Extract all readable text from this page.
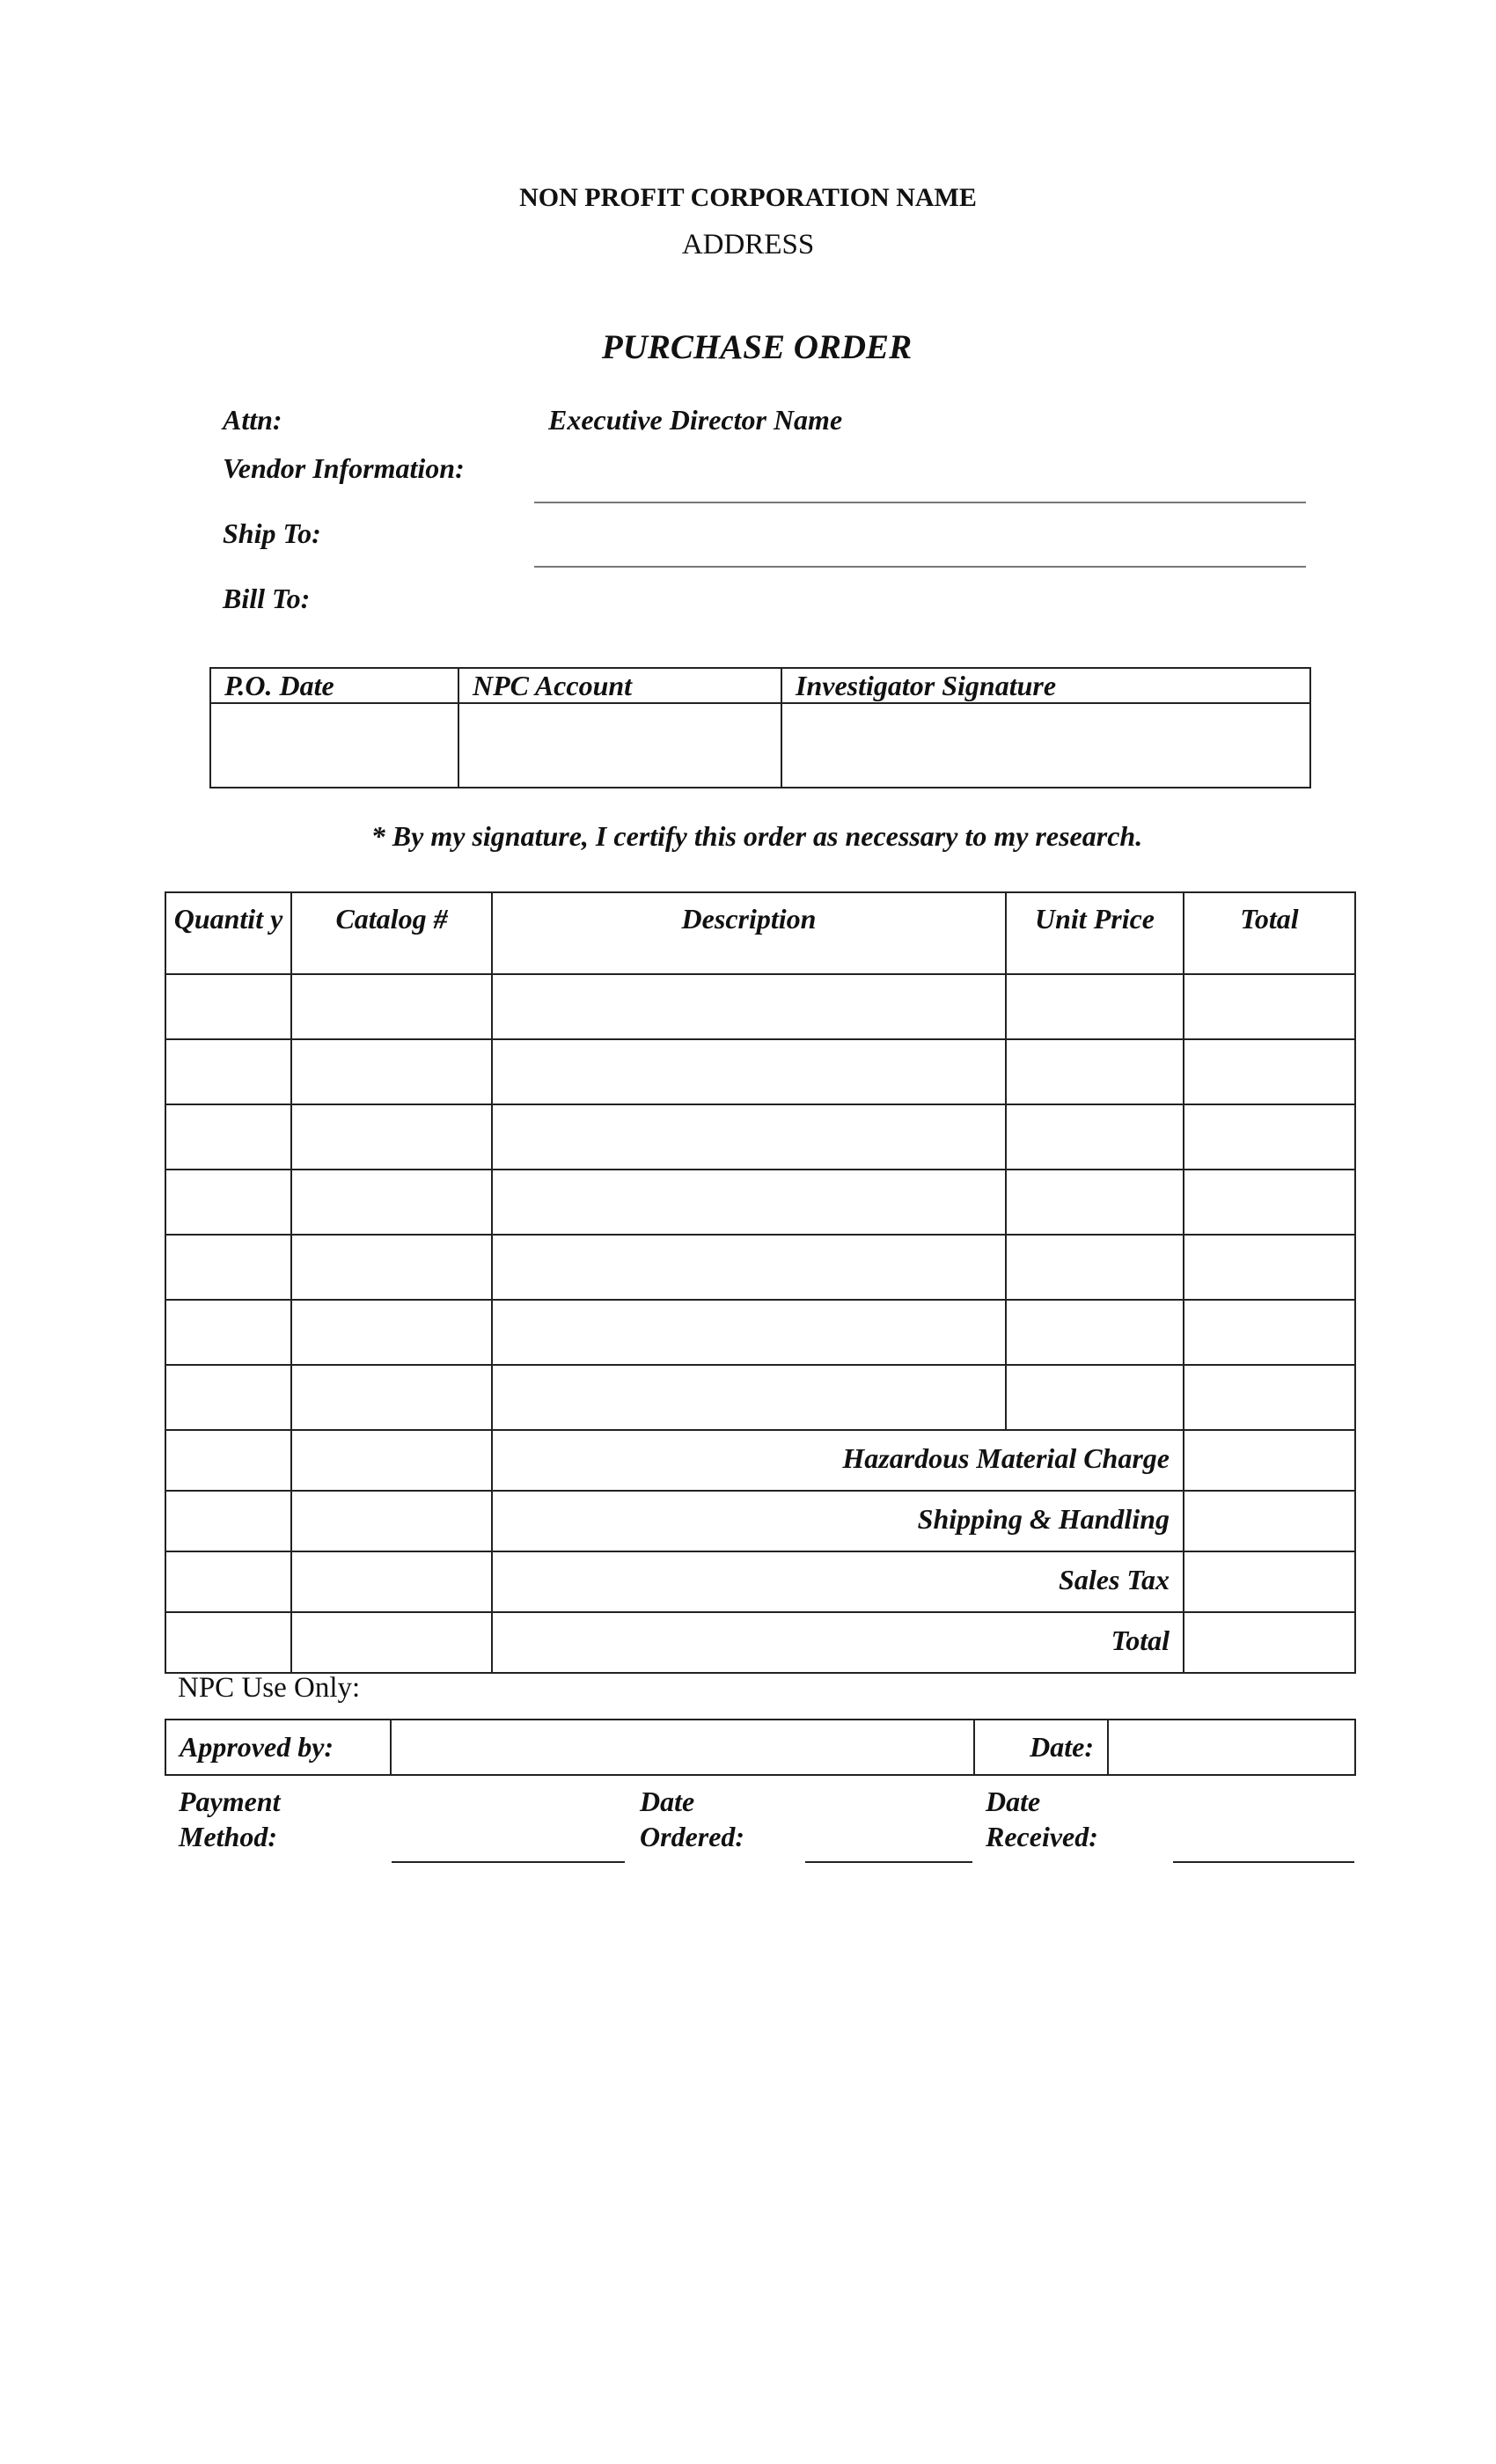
NON PROFIT CORPORATION NAME
ADDRESS
PURCHASE ORDER
Attn:	Executive Director Name
Vendor Information:
Ship To:
Bill To:
P.O. Date	NPC Account	Investigator Signature

* By my signature, I certify this order as necessary to my research.
Quantit y	Catalog #	Description	Unit Price	Total

		Hazardous Material Charge		
		Shipping & Handling		
		Sales Tax		
		Total		
NPC Use Only:
Approved by:		Date:	
Payment
Method:
Date
Ordered:
Date
Received:
